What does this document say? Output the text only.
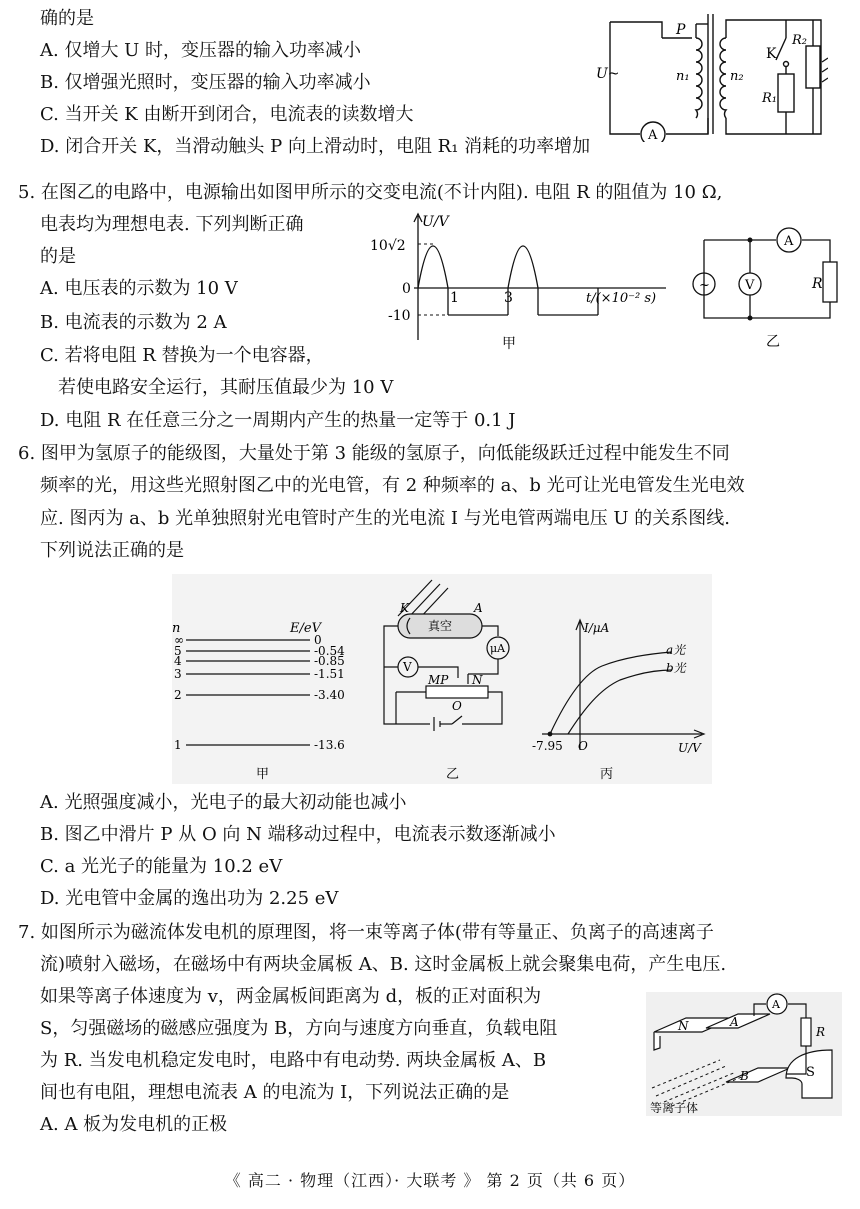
确的是
A. 仅增大 U 时，变压器的输入功率减小
B. 仅增强光照时，变压器的输入功率减小
C. 当开关 K 由断开到闭合，电流表的读数增大
D. 闭合开关 K，当滑动触头 P 向上滑动时，电阻 R₁ 消耗的功率增加
U~
P
n₁	n₂
K
R₁
R₂
A
5. 在图乙的电路中，电源输出如图甲所示的交变电流(不计内阻). 电阻 R 的阻值为 10 Ω,
电表均为理想电表. 下列判断正确
的是
A. 电压表的示数为 10 V
B. 电流表的示数为 2 A
C. 若将电阻 R 替换为一个电容器，
若使电路安全运行，其耐压值最少为 10 V
D. 电阻 R 在任意三分之一周期内产生的热量一定等于 0.1 J
U/V
10√2
0
-10
1	3	t/(×10⁻² s)
甲
~	V
A
R
乙
6. 图甲为氢原子的能级图，大量处于第 3 能级的氢原子，向低能级跃迁过程中能发生不同
频率的光，用这些光照射图乙中的光电管，有 2 种频率的 a、b 光可让光电管发生光电效
应. 图丙为 a、b 光单独照射光电管时产生的光电流 I 与光电管两端电压 U 的关系图线.
下列说法正确的是
n	E/eV
∞	0
5	-0.54
4	-0.85
3	-1.51
2	-3.40
1	-13.6
甲
K	A
真空
μA
V
MP N
O
乙
I/μA
a光
b光
-7.95 O	U/V
丙
A. 光照强度减小，光电子的最大初动能也减小
B. 图乙中滑片 P 从 O 向 N 端移动过程中，电流表示数逐渐减小
C. a 光光子的能量为 10.2 eV
D. 光电管中金属的逸出功为 2.25 eV
7. 如图所示为磁流体发电机的原理图，将一束等离子体(带有等量正、负离子的高速离子
流)喷射入磁场，在磁场中有两块金属板 A、B. 这时金属板上就会聚集电荷，产生电压.
如果等离子体速度为 v，两金属板间距离为 d，板的正对面积为
S，匀强磁场的磁感应强度为 B，方向与速度方向垂直，负载电阻
为 R. 当发电机稳定发电时，电路中有电动势. 两块金属板 A、B
间也有电阻，理想电流表 A 的电流为 I，下列说法正确的是
A. A 板为发电机的正极
N	A
B	S
R
A
等离子体
《 高二 · 物理（江西）· 大联考 》 第 2 页（共 6 页）
